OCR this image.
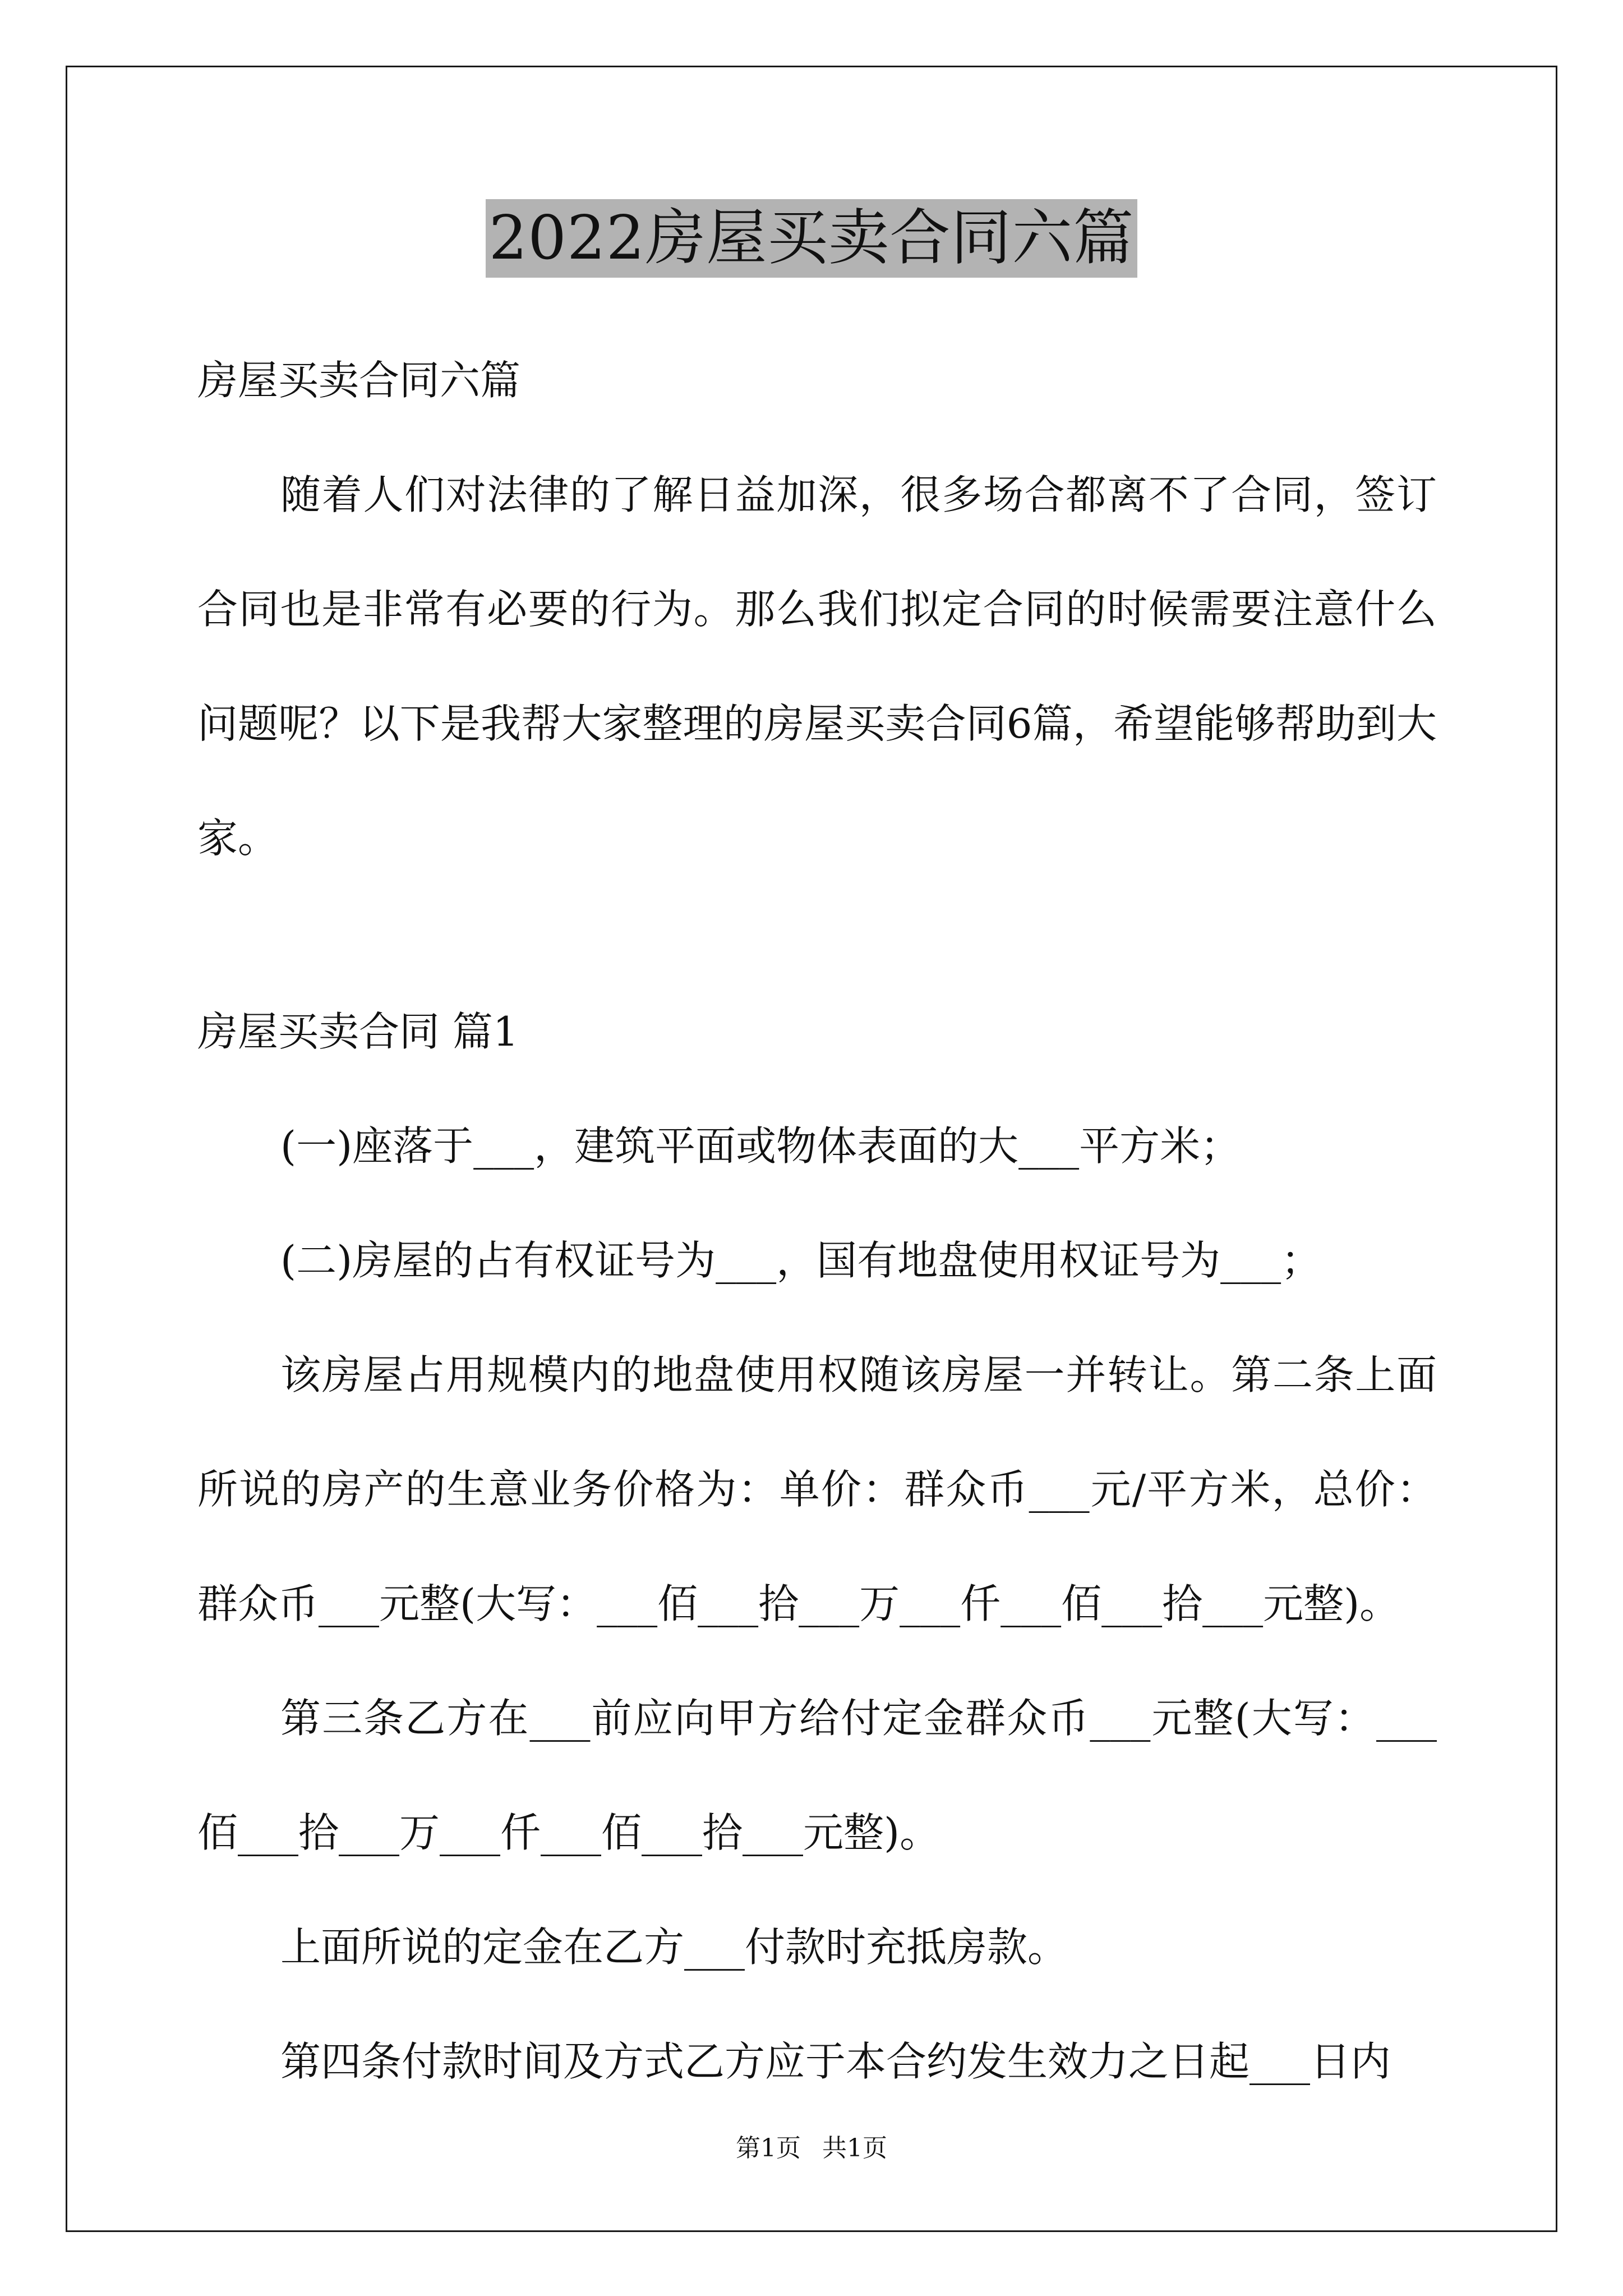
2022房屋买卖合同六篇

房屋买卖合同六篇

随着人们对法律的了解日益加深，很多场合都离不了合同，签订合同也是非常有必要的行为。那么我们拟定合同的时候需要注意什么问题呢？以下是我帮大家整理的房屋买卖合同6篇，希望能够帮助到大家。

房屋买卖合同 篇1

(一)座落于___，建筑平面或物体表面的大___平方米；

(二)房屋的占有权证号为___，国有地盘使用权证号为___；

该房屋占用规模内的地盘使用权随该房屋一并转让。第二条上面所说的房产的生意业务价格为：单价：群众币___元/平方米，总价：群众币___元整(大写：___佰___拾___万___仟___佰___拾___元整)。

第三条乙方在___前应向甲方给付定金群众币___元整(大写：___佰___拾___万___仟___佰___拾___元整)。

上面所说的定金在乙方___付款时充抵房款。

第四条付款时间及方式乙方应于本合约发生效力之日起___日内

第1页 共1页
